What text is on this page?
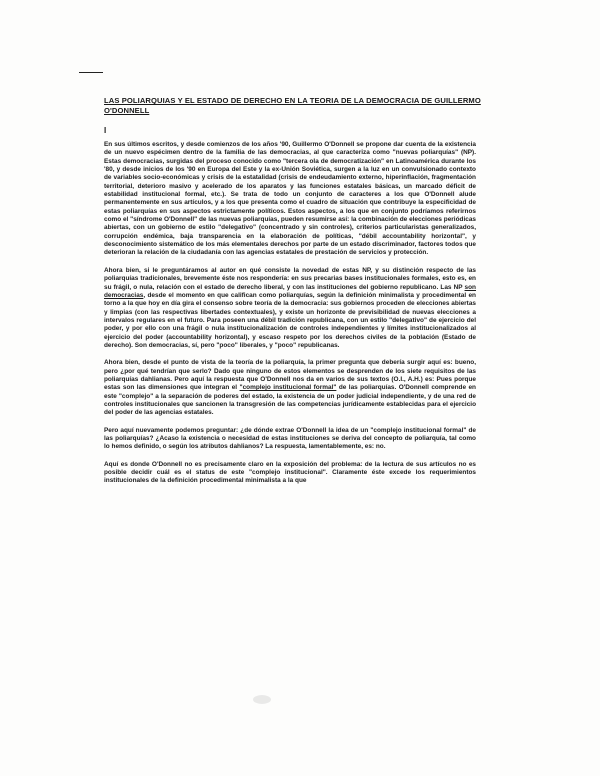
LAS POLIARQUIAS Y EL ESTADO DE DERECHO EN LA TEORIA DE LA DEMOCRACIA DE GUILLERMO O'DONNELL
I

En sus últimos escritos, y desde comienzos de los años '90, Guillermo O'Donnell se propone dar cuenta de la existencia de un nuevo espécimen dentro de la familia de las democracias, al que caracteriza como "nuevas poliarquías" (NP). Estas democracias, surgidas del proceso conocido como "tercera ola de democratización" en Latinoamérica durante los '80, y desde inicios de los '90 en Europa del Este y la ex-Unión Soviética, surgen a la luz en un convulsionado contexto de variables socio-económicas y crisis de la estatalidad (crisis de endeudamiento externo, hiperinflación, fragmentación territorial, deterioro masivo y acelerado de los aparatos y las funciones estatales básicas, un marcado déficit de estabilidad institucional formal, etc.). Se trata de todo un conjunto de caracteres a los que O'Donnell alude permanentemente en sus artículos, y a los que presenta como el cuadro de situación que contribuye la especificidad de estas poliarquías en sus aspectos estrictamente políticos. Estos aspectos, a los que en conjunto podríamos referirnos como el "síndrome O'Donnell" de las nuevas poliarquías, pueden resumirse así: la combinación de elecciones periódicas abiertas, con un gobierno de estilo "delegativo" (concentrado y sin controles), criterios particularistas generalizados, corrupción endémica, baja transparencia en la elaboración de políticas, "débil accountability horizontal", y desconocimiento sistemático de los más elementales derechos por parte de un estado discriminador, factores todos que deterioran la relación de la ciudadanía con las agencias estatales de prestación de servicios y protección.

Ahora bien, si le preguntáramos al autor en qué consiste la novedad de estas NP, y su distinción respecto de las poliarquías tradicionales, brevemente éste nos respondería: en sus precarias bases institucionales formales, esto es, en su frágil, o nula, relación con el estado de derecho liberal, y con las instituciones del gobierno republicano. Las NP son democracias, desde el momento en que califican como poliarquías, según la definición minimalista y procedimental en torno a la que hoy en día gira el consenso sobre teoría de la democracia: sus gobiernos proceden de elecciones abiertas y limpias (con las respectivas libertades contextuales), y existe un horizonte de previsibilidad de nuevas elecciones a intervalos regulares en el futuro. Para poseen una débil tradición republicana, con un estilo "delegativo" de ejercicio del poder, y por ello con una frágil o nula institucionalización de controles independientes y límites institucionalizados al ejercicio del poder (accountability horizontal), y escaso respeto por los derechos civiles de la población (Estado de derecho). Son democracias, sí, pero "poco" liberales, y "poco" republicanas.

Ahora bien, desde el punto de vista de la teoría de la poliarquía, la primer pregunta que debería surgir aquí es: bueno, pero ¿por qué tendrían que serlo? Dado que ninguno de estos elementos se desprenden de los siete requisitos de las poliarquías dahlianas. Pero aquí la respuesta que O'Donnell nos da en varios de sus textos (O.I., A.H.) es: Pues porque estas son las dimensiones que integran el "complejo institucional formal" de las poliarquías. O'Donnell comprende en este "complejo" a la separación de poderes del estado, la existencia de un poder judicial independiente, y de una red de controles institucionales que sancionen la transgresión de las competencias jurídicamente establecidas para el ejercicio del poder de las agencias estatales.

Pero aquí nuevamente podemos preguntar: ¿de dónde extrae O'Donnell la idea de un "complejo institucional formal" de las poliarquías? ¿Acaso la existencia o necesidad de estas instituciones se deriva del concepto de poliarquía, tal como lo hemos definido, o según los atributos dahlianos? La respuesta, lamentablemente, es: no.

Aquí es donde O'Donnell no es precisamente claro en la exposición del problema: de la lectura de sus artículos no es posible decidir cuál es el status de este "complejo institucional". Claramente éste excede los requerimientos institucionales de la definición procedimental minimalista a la que
